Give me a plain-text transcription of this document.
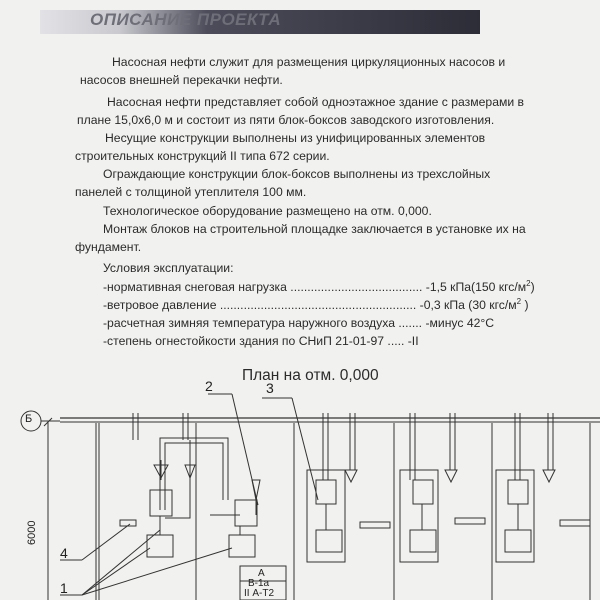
ОПИСАНИЕ ПРОЕКТА
Насосная нефти служит для размещения циркуляционных насосов и
насосов внешней перекачки нефти.
Насосная нефти представляет собой одноэтажное здание с размерами в
плане 15,0х6,0 м и состоит из пяти блок-боксов заводского изготовления.
Несущие конструкции выполнены из унифицированных элементов
строительных конструкций II типа 672 серии.
Ограждающие конструкции блок-боксов выполнены из трехслойных
панелей с толщиной утеплителя 100 мм.
Технологическое оборудование размещено на отм. 0,000.
Монтаж блоков на строительной площадке заключается в установке их на
фундамент.
Условия эксплуатации:
-нормативная снеговая нагрузка ....................................... -1,5 кПа(150 кгс/$м^2$)
-ветровое давление .......................................................... -0,3 кПа (30 кгс/$м^2$ )
-расчетная зимняя температура наружного воздуха ....... -минус 42°С
-степень огнестойкости здания по СНиП 21-01-97 ..... -II
План на отм. 0,000
Б
6000
2	3
4
1
А
В-1а
II А-Т2
